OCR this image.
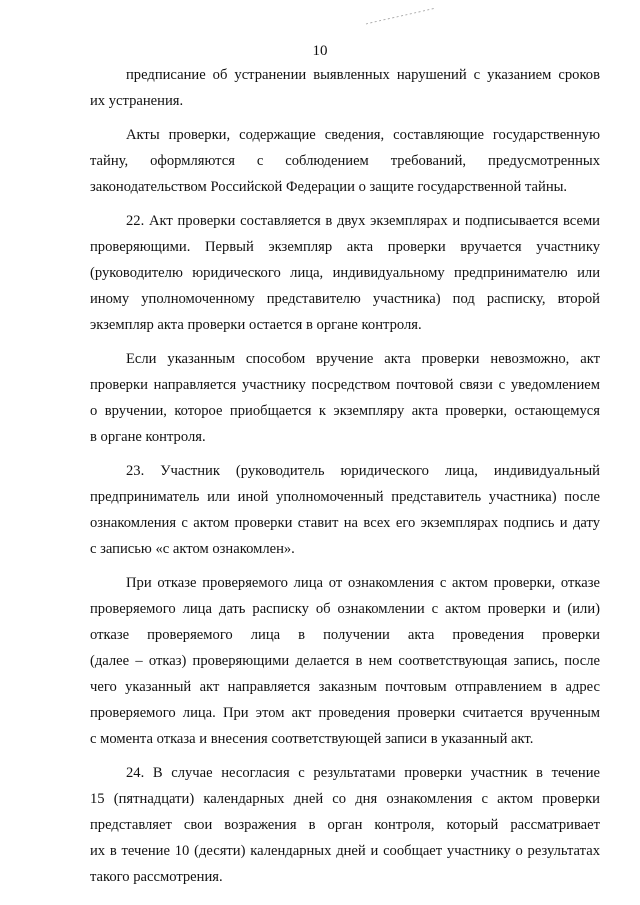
10
предписание об устранении выявленных нарушений с указанием сроков
их устранения.
Акты проверки, содержащие сведения, составляющие государственную
тайну, оформляются с соблюдением требований, предусмотренных
законодательством Российской Федерации о защите государственной тайны.
22. Акт проверки составляется в двух экземплярах и подписывается всеми
проверяющими. Первый экземпляр акта проверки вручается участнику
(руководителю юридического лица, индивидуальному предпринимателю или
иному уполномоченному представителю участника) под расписку, второй
экземпляр акта проверки остается в органе контроля.
Если указанным способом вручение акта проверки невозможно, акт
проверки направляется участнику посредством почтовой связи с уведомлением
о вручении, которое приобщается к экземпляру акта проверки, остающемуся
в органе контроля.
23. Участник (руководитель юридического лица, индивидуальный
предприниматель или иной уполномоченный представитель участника) после
ознакомления с актом проверки ставит на всех его экземплярах подпись и дату
с записью «с актом ознакомлен».
При отказе проверяемого лица от ознакомления с актом проверки, отказе
проверяемого лица дать расписку об ознакомлении с актом проверки и (или)
отказе проверяемого лица в получении акта проведения проверки
(далее – отказ) проверяющими делается в нем соответствующая запись, после
чего указанный акт направляется заказным почтовым отправлением в адрес
проверяемого лица. При этом акт проведения проверки считается врученным
с момента отказа и внесения соответствующей записи в указанный акт.
24. В случае несогласия с результатами проверки участник в течение
15 (пятнадцати) календарных дней со дня ознакомления с актом проверки
представляет свои возражения в орган контроля, который рассматривает
их в течение 10 (десяти) календарных дней и сообщает участнику о результатах
такого рассмотрения.
